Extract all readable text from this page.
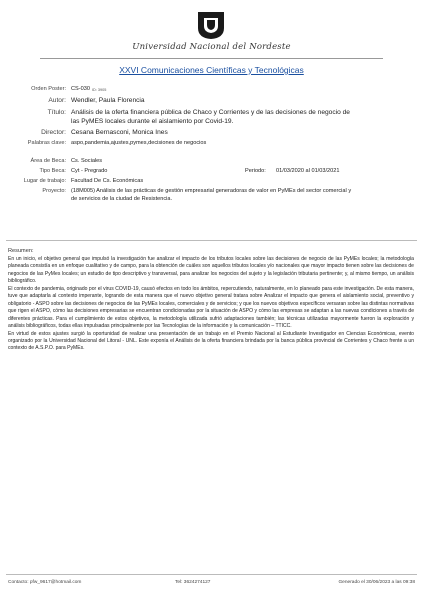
Universidad Nacional del Nordeste
XXVI Comunicaciones Científicas y Tecnológicas
Orden Poster: CS-030 ID: 3905
Autor: Wendler, Paula Florencia
Título: Análisis de la oferta financiera pública de Chaco y Corrientes y de las decisiones de negocio de
las PyMES locales durante el aislamiento por Covid-19.
Director: Cesana Bernasconi, Monica Ines
Palabras clave: aspo,pandemia,ajustes,pymes,decisiones de negocios
Área de Beca: Cs. Sociales
Tipo Beca: Cyt - Pregrado	Periodo: 01/03/2020 al 01/03/2021
Lugar de trabajo: Facultad De Cs. Económicas
Proyecto: (18M005) Análisis de las prácticas de gestión empresarial generadoras de valor en PyMEs del sector comercial y
de servicios de la ciudad de Resistencia.
Resumen:

En un inicio, el objetivo general que impulsó la investigación fue analizar el impacto de los tributos locales sobre las decisiones de negocio de las PyMEs locales; la metodología planeada consistía en un enfoque cualitativo y de campo, para la obtención de cuáles son aquellos tributos locales y/o nacionales que mayor impacto tienen sobre las decisiones de negocios de las PyMes locales; un estudio de tipo descriptivo y transversal, para analizar los negocios del sujeto y la legislación tributaria pertinente; y, al mismo tiempo, un análisis bibliográfico.

El contexto de pandemia, originado por el virus COVID-19, causó efectos en todo los ámbitos, repercutiendo, naturalmente, en lo planeado para este investigación. De esta manera, tuve que adaptarla al contexto imperante, logrando de esta manera que el nuevo objetivo general tratara sobre Analizar el impacto que genera el aislamiento social, preventivo y obligatorio - ASPO sobre las decisiones de negocios de las PyMEs locales, comerciales y de servicios; y que los nuevos objetivos específicos versaran sobre las distintas normativas que rigen el ASPO, cómo las decisiones empresarias se encuentran condicionadas por la situación de ASPO y cómo las empresas se adaptan a las nuevas condiciones a través de diferentes prácticas. Para el cumplimiento de estos objetivos, la metodología utilizada sufrió adaptaciones también; las técnicas utilizadas mayormente fueron la exploración y análisis bibliográficos, todas ellas impulsadas principalmente por las Tecnologías de la información y la comunicación – TTICC.

En virtud de estos ajustes surgió la oportunidad de realizar una presentación de un trabajo en el Premio Nacional al Estudiante Investigador en Ciencias Económicas, evento organizado por la Universidad Nacional del Litoral - UNL. Este exponía el Análisis de la oferta financiera brindada por la banca pública provincial de Corrientes y Chaco frente a un contexto de A.S.P.O. para PyMEs.

Contacto: pfw_9617@hotmail.com	Tel: 3624274127	Generado el 30/06/2023 a las 09:38
